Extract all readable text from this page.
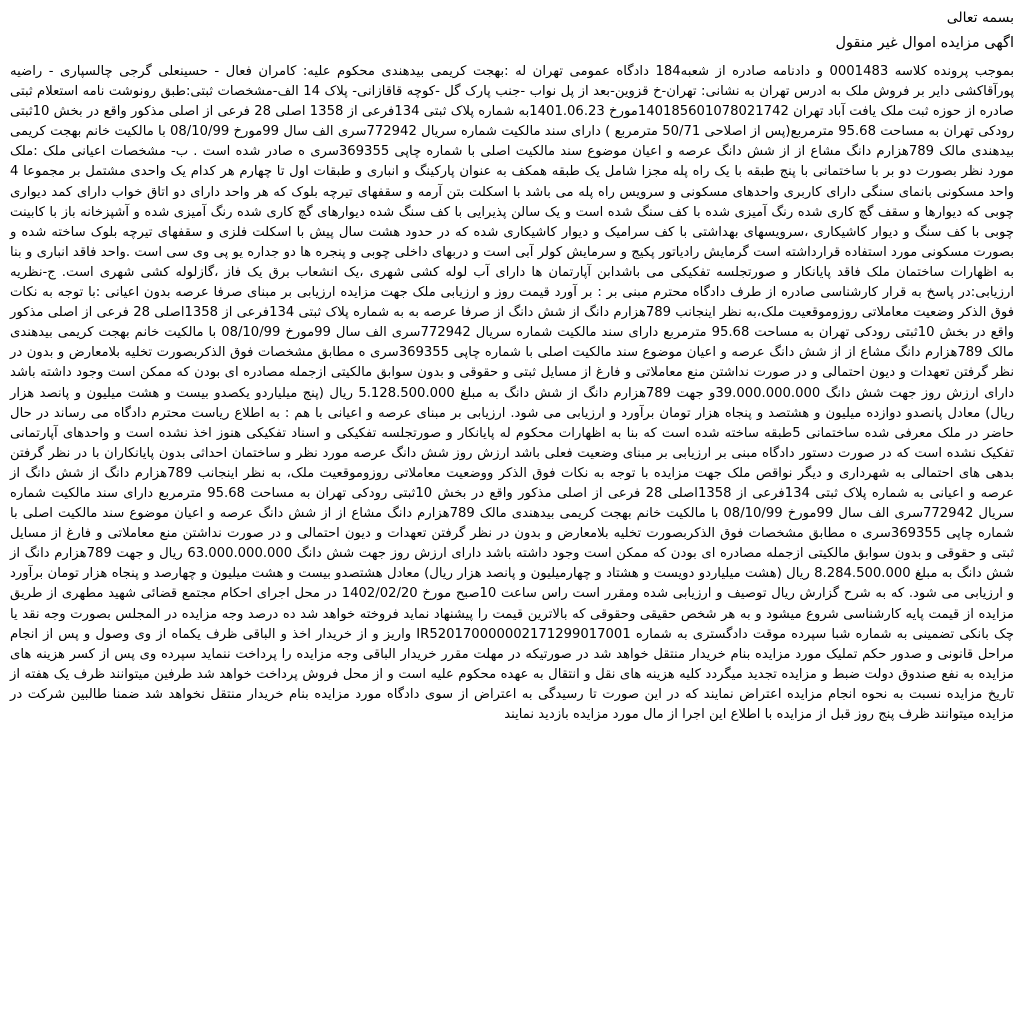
بسمه تعالی

اگهی مزایده اموال غیر منقول

بموجب پرونده کلاسه 0001483 و دادنامه صادره از شعبه184 دادگاه عمومی تهران له :بهجت کریمی بیدهندی محکوم علیه: کامران فعال - حسینعلی گرجی چالسپاری - راضیه پورآقاکشی دایر بر فروش ملک به ادرس تهران به نشانی: تهران-خ قزوین-بعد از پل نواب -جنب پارک گل -کوچه قاقازانی- پلاک 14 الف-مشخصات ثبتی:طبق رونوشت نامه استعلام ثبتی صادره از حوزه ثبت ملک یافت آباد تهران 140185601078021742مورخ 1401.06.23به شماره پلاک ثبتی 134فرعی از 1358 اصلی 28 فرعی از اصلی مذکور واقع در بخش 10ثبتی رودکی تهران به مساحت 95.68 مترمربع(پس از اصلاحی 50/71 مترمربع ) دارای سند مالکیت شماره سریال 772942سری الف سال 99مورخ 08/10/99 با مالکیت خانم بهجت کریمی بیدهندی مالک 789هزارم دانگ مشاع از از شش دانگ عرصه و اعیان موضوع سند مالکیت اصلی با شماره چاپی 369355سری ه صادر شده است . ب- مشخصات اعیانی ملک :ملک مورد نظر بصورت دو بر با ساختمانی با پنج طبقه با یک راه پله مجزا شامل یک طبقه همکف به عنوان پارکینگ و انباری و طبقات اول تا چهارم هر کدام یک واحدی مشتمل بر مجموعا 4 واحد مسکونی بانمای سنگی دارای کاربری واحدهای مسکونی و سرویس راه پله می باشد با اسکلت بتن آرمه و سقفهای تیرچه بلوک که هر واحد دارای دو اتاق خواب دارای کمد دیواری چوبی که دیوارها و سقف گچ کاری شده رنگ آمیزی شده با کف سنگ شده است و یک سالن پذیرایی با کف سنگ شده دیوارهای گچ کاری شده رنگ آمیزی شده و آشپزخانه باز با کابینت چوبی با کف سنگ و دیوار کاشیکاری ،سرویسهای بهداشتی با کف سرامیک و دیوار کاشیکاری شده که در حدود هشت سال پیش با اسکلت فلزی و سقفهای تیرچه بلوک ساخته شده و بصورت مسکونی مورد استفاده قرارداشته است گرمایش رادیاتور پکیج و سرمایش کولر آبی است و دربهای داخلی چوبی و پنجره ها دو جداره یو پی وی سی است .واحد فاقد انباری و بنا به اظهارات ساختمان ملک فاقد پایانکار و صورتجلسه تفکیکی می باشدابن آپارتمان ها دارای آب لوله کشی شهری ،یک انشعاب برق یک فاز ،گازلوله کشی شهری است. ج-نظریه ارزیابی:در پاسخ به قرار کارشناسی صادره از طرف دادگاه محترم مبنی بر : بر آورد قیمت روز و ارزیابی ملک جهت مزایده ارزیابی بر مبنای صرفا عرصه بدون اعیانی :با توجه به نکات فوق الذکر وضعیت معاملاتی روزوموقعیت ملک،به نظر اینجانب 789هزارم دانگ از شش دانگ از صرفا عرصه به به شماره پلاک ثبتی 134فرعی از 1358اصلی 28 فرعی از اصلی مذکور واقع در بخش 10ثبتی رودکی تهران به مساحت 95.68 مترمربع دارای سند مالکیت شماره سریال 772942سری الف سال 99مورخ 08/10/99 با مالکیت خانم بهجت کریمی بیدهندی مالک 789هزارم دانگ مشاع از از شش دانگ عرصه و اعیان موضوع سند مالکیت اصلی با شماره چاپی 369355سری ه مطابق مشخصات فوق الذکربصورت تخلیه بلامعارض و بدون در نظر گرفتن تعهدات و دیون احتمالی و در صورت نداشتن منع معاملاتی و فارغ از مسایل ثبتی و حقوقی و بدون سوابق مالکیتی ازجمله مصادره ای بودن که ممکن است وجود داشته باشد دارای ارزش روز جهت شش دانگ 39.000.000.000و جهت 789هزارم دانگ از شش دانگ به مبلغ 5.128.500.000 ریال (پنج میلیاردو یکصدو بیست و هشت میلیون و پانصد هزار ریال) معادل پانصدو دوازده میلیون و هشتصد و پنجاه هزار تومان برآورد و ارزیابی می شود. ارزیابی بر مبنای عرصه و اعیانی با هم : به اطلاع ریاست محترم دادگاه می رساند در حال حاضر در ملک معرفی شده ساختمانی 5طبقه ساخته شده است که بنا به اظهارات محکوم له پایانکار و صورتجلسه تفکیکی و اسناد تفکیکی هنوز اخذ نشده است و واحدهای آپارتمانی تفکیک نشده است که در صورت دستور دادگاه مبنی بر ارزیابی بر مبنای وضعیت فعلی باشد ارزش روز شش دانگ عرصه مورد نظر و ساختمان احداثی بدون پایانکاران با در نظر گرفتن بدهی های احتمالی به شهرداری و دیگر نواقص ملک جهت مزایده با توجه به نکات فوق الذکر ووضعیت معاملاتی روزوموقعیت ملک، به نظر اینجانب 789هزارم دانگ از شش دانگ از عرصه و اعیانی به شماره پلاک ثبتی 134فرعی از 1358اصلی 28 فرعی از اصلی مذکور واقع در بخش 10ثبتی رودکی تهران به مساحت 95.68 مترمربع دارای سند مالکیت شماره سریال 772942سری الف سال 99مورخ 08/10/99 با مالکیت خانم بهجت کریمی بیدهندی مالک 789هزارم دانگ مشاع از از شش دانگ عرصه و اعیان موضوع سند مالکیت اصلی با شماره چاپی 369355سری ه مطابق مشخصات فوق الذکربصورت تخلیه بلامعارض و بدون در نظر گرفتن تعهدات و دیون احتمالی و در صورت نداشتن منع معاملاتی و فارغ از مسایل ثبتی و حقوقی و بدون سوابق مالکیتی ازجمله مصادره ای بودن که ممکن است وجود داشته باشد دارای ارزش روز جهت شش دانگ 63.000.000.000 ریال و جهت 789هزارم دانگ از شش دانگ به مبلغ 8.284.500.000 ریال (هشت میلیاردو دویست و هشتاد و چهارمیلیون و پانصد هزار ریال) معادل هشتصدو بیست و هشت میلیون و چهارصد و پنجاه هزار تومان برآورد و ارزیابی می شود. که به شرح گزارش ریال توصیف و ارزیابی شده ومقرر است راس ساعت 10صبح مورخ 1402/02/20 در محل اجرای احکام مجتمع قضائی شهید مطهری از طریق مزایده از قیمت پایه کارشناسی شروع میشود و به هر شخص حقیقی وحقوقی که بالاترین قیمت را پیشنهاد نماید فروخته خواهد شد ده درصد وجه مزایده در المجلس بصورت وجه نقد یا چک بانکی تضمینی به شماره شبا سپرده موقت دادگستری به شماره IR520170000002171299017001 واریز و از خریدار اخذ و الباقی ظرف یکماه از وی وصول و پس از انجام مراحل قانونی و صدور حکم تملیک مورد مزایده بنام خریدار منتقل خواهد شد در صورتیکه در مهلت مقرر خریدار الباقی وجه مزایده را پرداخت ننماید سپرده وی پس از کسر هزینه های مزایده به نفع صندوق دولت ضبط و مزایده تجدید میگردد کلیه هزینه های نقل و انتقال به عهده محکوم علیه است و از محل فروش پرداخت خواهد شد طرفین میتوانند ظرف یک هفته از تاریخ مزایده نسبت به نحوه انجام مزایده اعتراض نمایند که در این صورت تا رسیدگی به اعتراض از سوی دادگاه مورد مزایده بنام خریدار منتقل نخواهد شد ضمنا طالبین شرکت در مزایده میتوانند ظرف پنج روز قبل از مزایده با اطلاع این اجرا از مال مورد مزایده بازدید نمایند
